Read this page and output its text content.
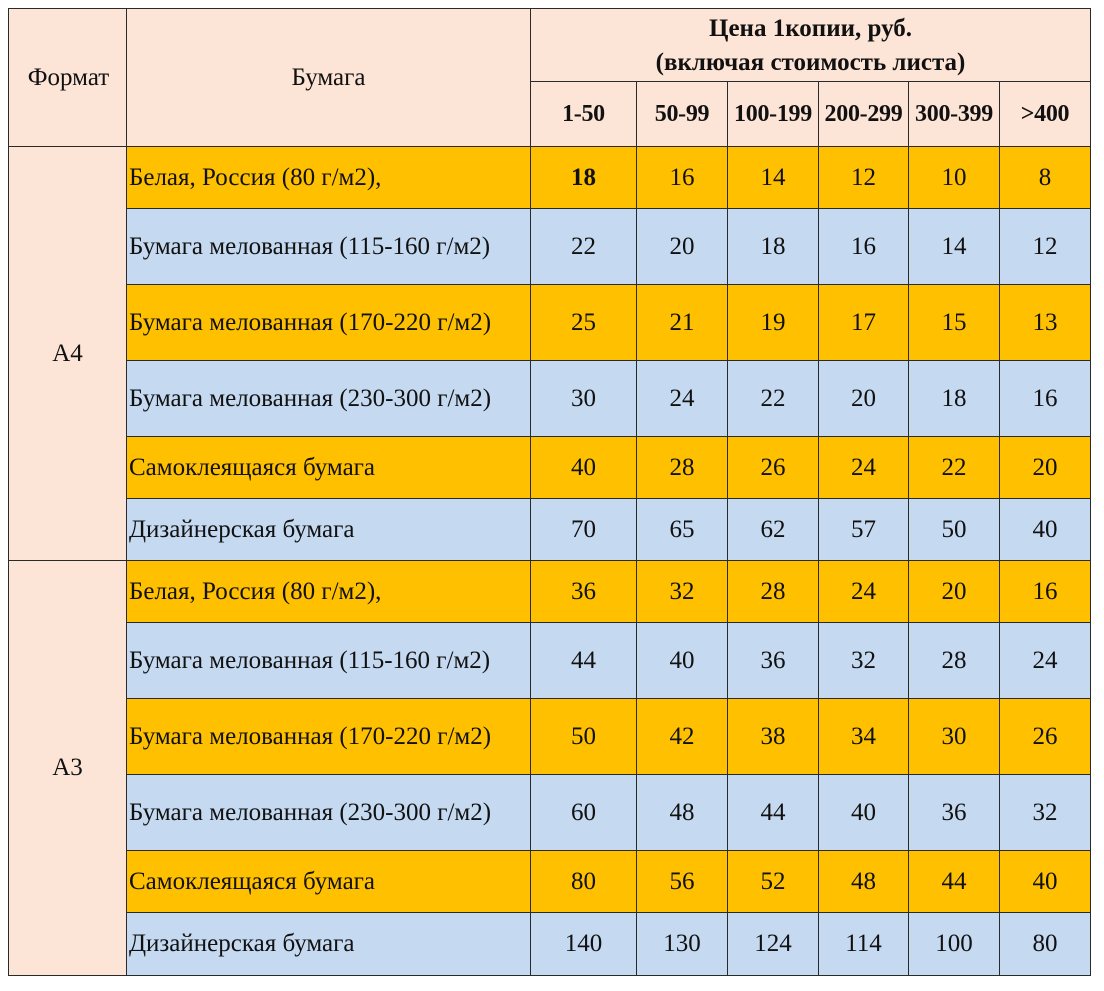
Формат	Бумага	Цена 1копии, руб.
(включая стоимость листа)					

		1-50	50-99	100-199	200-299	300-399	>400
А4	Белая, Россия (80 г/м2),	18	16	14	12	10	8
	Бумага мелованная (115-160 г/м2)	22	20	18	16	14	12
	Бумага мелованная (170-220 г/м2)	25	21	19	17	15	13
	Бумага мелованная (230-300 г/м2)	30	24	22	20	18	16
	Самоклеящаяся бумага	40	28	26	24	22	20
	Дизайнерская бумага	70	65	62	57	50	40
А3	Белая, Россия (80 г/м2),	36	32	28	24	20	16
	Бумага мелованная (115-160 г/м2)	44	40	36	32	28	24
	Бумага мелованная (170-220 г/м2)	50	42	38	34	30	26
	Бумага мелованная (230-300 г/м2)	60	48	44	40	36	32
	Самоклеящаяся бумага	80	56	52	48	44	40
	Дизайнерская бумага	140	130	124	114	100	80
